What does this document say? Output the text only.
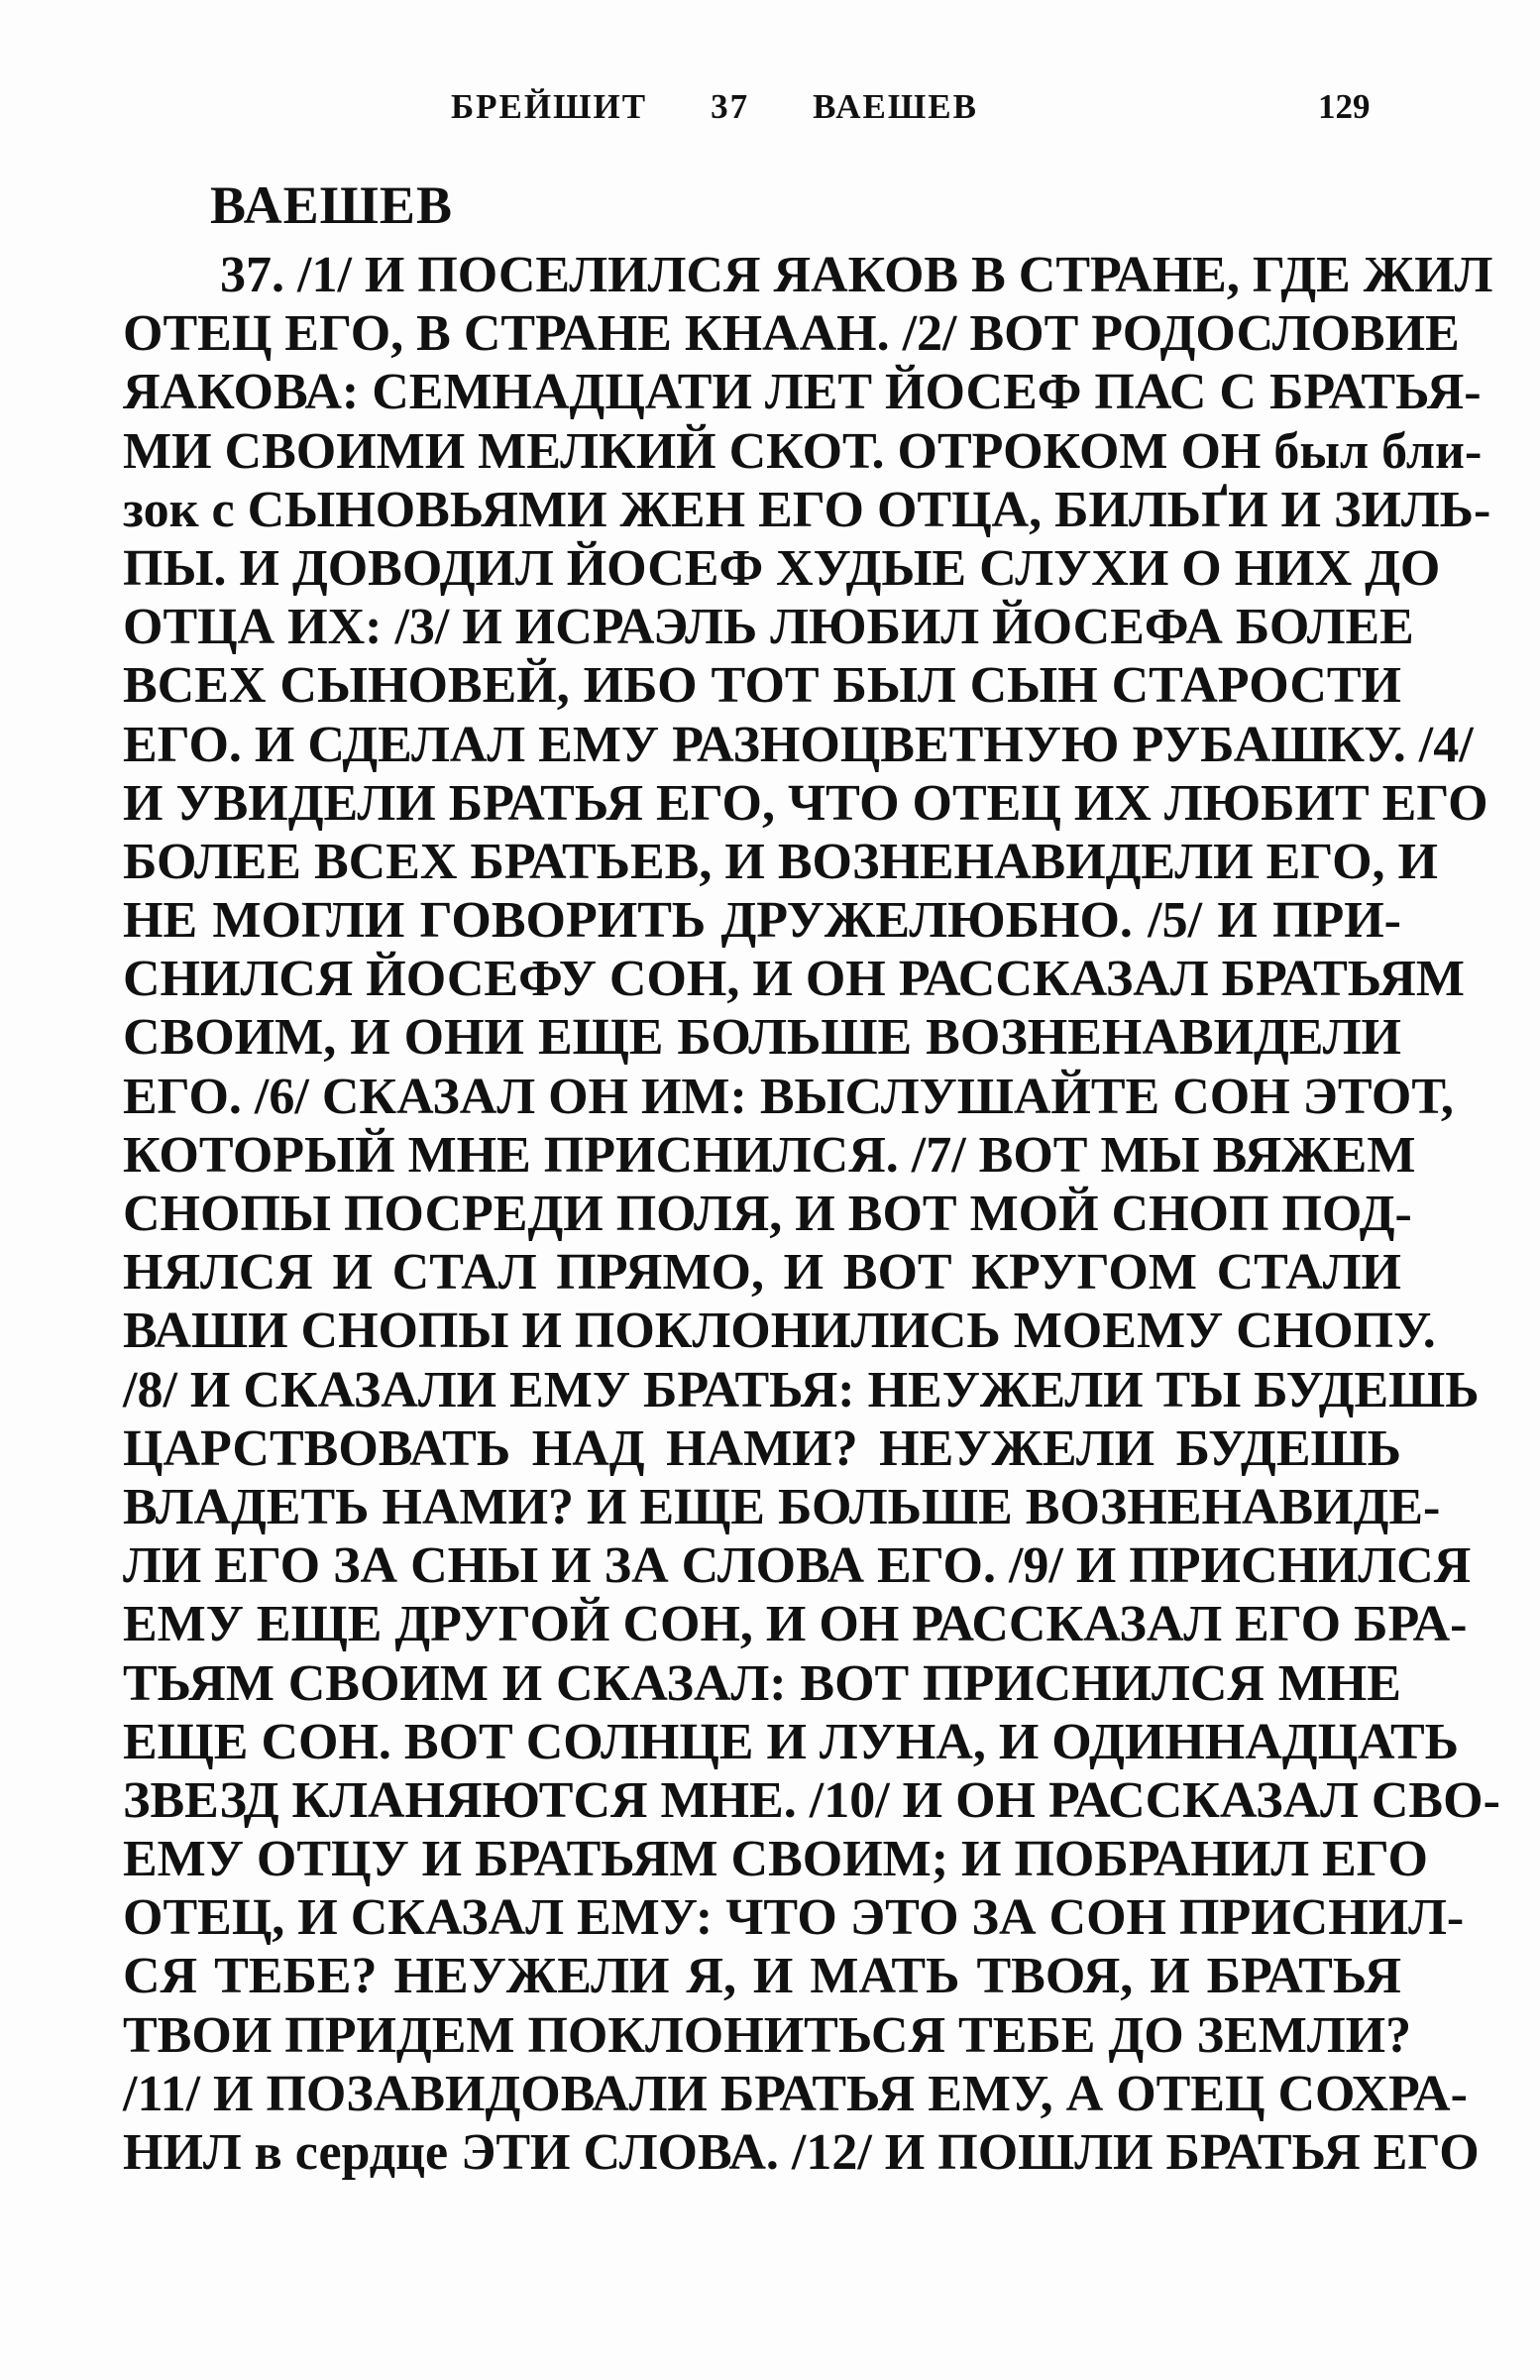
БРЕЙШИТ 37 ВАЕШЕВ	129
ВАЕШЕВ
37. /1/ И ПОСЕЛИЛСЯ ЯАКОВ В СТРАНЕ, ГДЕ ЖИЛ
ОТЕЦ ЕГО, В СТРАНЕ КНААН. /2/ ВОТ РОДОСЛОВИЕ
ЯАКОВА: СЕМНАДЦАТИ ЛЕТ ЙОСЕФ ПАС С БРАТЬЯ-
МИ СВОИМИ МЕЛКИЙ СКОТ. ОТРОКОМ ОН был бли-
зок с СЫНОВЬЯМИ ЖЕН ЕГО ОТЦА, БИЛЬҐИ И ЗИЛЬ-
ПЫ. И ДОВОДИЛ ЙОСЕФ ХУДЫЕ СЛУХИ О НИХ ДО
ОТЦА ИХ: /3/ И ИСРАЭЛЬ ЛЮБИЛ ЙОСЕФА БОЛЕЕ
ВСЕХ СЫНОВЕЙ, ИБО ТОТ БЫЛ СЫН СТАРОСТИ
ЕГО. И СДЕЛАЛ ЕМУ РАЗНОЦВЕТНУЮ РУБАШКУ. /4/
И УВИДЕЛИ БРАТЬЯ ЕГО, ЧТО ОТЕЦ ИХ ЛЮБИТ ЕГО
БОЛЕЕ ВСЕХ БРАТЬЕВ, И ВОЗНЕНАВИДЕЛИ ЕГО, И
НЕ МОГЛИ ГОВОРИТЬ ДРУЖЕЛЮБНО. /5/ И ПРИ-
СНИЛСЯ ЙОСЕФУ СОН, И ОН РАССКАЗАЛ БРАТЬЯМ
СВОИМ, И ОНИ ЕЩЕ БОЛЬШЕ ВОЗНЕНАВИДЕЛИ
ЕГО. /6/ СКАЗАЛ ОН ИМ: ВЫСЛУШАЙТЕ СОН ЭТОТ,
КОТОРЫЙ МНЕ ПРИСНИЛСЯ. /7/ ВОТ МЫ ВЯЖЕМ
СНОПЫ ПОСРЕДИ ПОЛЯ, И ВОТ МОЙ СНОП ПОД-
НЯЛСЯ И СТАЛ ПРЯМО, И ВОТ КРУГОМ СТАЛИ
ВАШИ СНОПЫ И ПОКЛОНИЛИСЬ МОЕМУ СНОПУ.
/8/ И СКАЗАЛИ ЕМУ БРАТЬЯ: НЕУЖЕЛИ ТЫ БУДЕШЬ
ЦАРСТВОВАТЬ НАД НАМИ? НЕУЖЕЛИ БУДЕШЬ
ВЛАДЕТЬ НАМИ? И ЕЩЕ БОЛЬШЕ ВОЗНЕНАВИДЕ-
ЛИ ЕГО ЗА СНЫ И ЗА СЛОВА ЕГО. /9/ И ПРИСНИЛСЯ
ЕМУ ЕЩЕ ДРУГОЙ СОН, И ОН РАССКАЗАЛ ЕГО БРА-
ТЬЯМ СВОИМ И СКАЗАЛ: ВОТ ПРИСНИЛСЯ МНЕ
ЕЩЕ СОН. ВОТ СОЛНЦЕ И ЛУНА, И ОДИННАДЦАТЬ
ЗВЕЗД КЛАНЯЮТСЯ МНЕ. /10/ И ОН РАССКАЗАЛ СВО-
ЕМУ ОТЦУ И БРАТЬЯМ СВОИМ; И ПОБРАНИЛ ЕГО
ОТЕЦ, И СКАЗАЛ ЕМУ: ЧТО ЭТО ЗА СОН ПРИСНИЛ-
СЯ ТЕБЕ? НЕУЖЕЛИ Я, И МАТЬ ТВОЯ, И БРАТЬЯ
ТВОИ ПРИДЕМ ПОКЛОНИТЬСЯ ТЕБЕ ДО ЗЕМЛИ?
/11/ И ПОЗАВИДОВАЛИ БРАТЬЯ ЕМУ, А ОТЕЦ СОХРА-
НИЛ в сердце ЭТИ СЛОВА. /12/ И ПОШЛИ БРАТЬЯ ЕГО
